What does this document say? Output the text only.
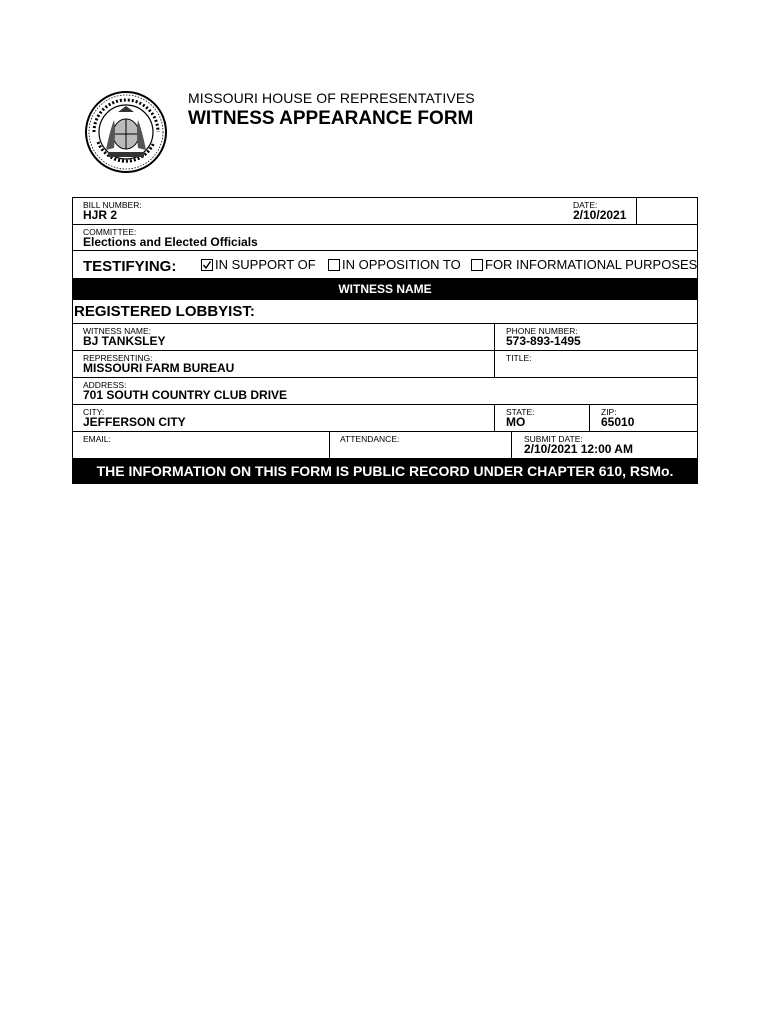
MISSOURI HOUSE OF REPRESENTATIVES
WITNESS APPEARANCE FORM
BILL NUMBER:
HJR 2
DATE:
2/10/2021
COMMITTEE:
Elections and Elected Officials
TESTIFYING:	IN SUPPORT OF IN OPPOSITION TO FOR INFORMATIONAL PURPOSES
WITNESS NAME
REGISTERED LOBBYIST:
WITNESS NAME:
BJ TANKSLEY
PHONE NUMBER:
573-893-1495
REPRESENTING:
MISSOURI FARM BUREAU
TITLE:
ADDRESS:
701 SOUTH COUNTRY CLUB DRIVE
CITY:
JEFFERSON CITY
STATE:
MO
ZIP:
65010
EMAIL:	ATTENDANCE:	SUBMIT DATE:
2/10/2021 12:00 AM
THE INFORMATION ON THIS FORM IS PUBLIC RECORD UNDER CHAPTER 610, RSMo.
